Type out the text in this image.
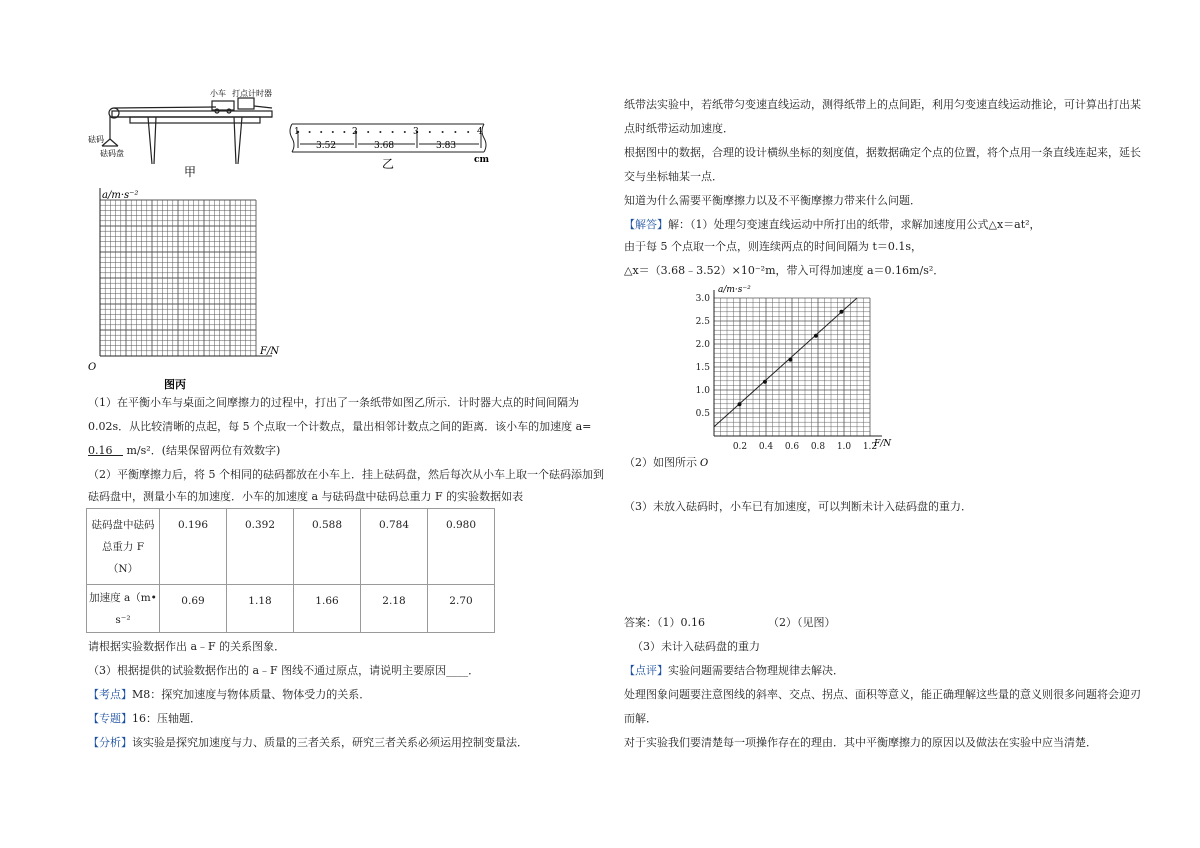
小车 打点计时器
砝码
砝码盘
甲
1	2	3	4
3.52	3.68	3.83
cm
乙
a/m·s⁻²
F/N
O
图丙
（1）在平衡小车与桌面之间摩擦力的过程中，打出了一条纸带如图乙所示．计时器大点的时间间隔为
0.02s．从比较清晰的点起，每 5 个点取一个计数点，量出相邻计数点之间的距离．该小车的加速度 a=
0.16 m/s²．(结果保留两位有效数字)
（2）平衡摩擦力后，将 5 个相同的砝码都放在小车上．挂上砝码盘，然后每次从小车上取一个砝码添加到
砝码盘中，测量小车的加速度．小车的加速度 a 与砝码盘中砝码总重力 F 的实验数据如表
砝码盘中砝码
总重力 F
（N）	0.196	0.392	0.588	0.784	0.980

加速度 a（m•
s⁻²	0.69	1.18	1.66	2.18	2.70
请根据实验数据作出 a﹣F 的关系图象．
（3）根据提供的试验数据作出的 a﹣F 图线不通过原点，请说明主要原因____．
【考点】M8：探究加速度与物体质量、物体受力的关系．
【专题】16：压轴题．
【分析】该实验是探究加速度与力、质量的三者关系，研究三者关系必须运用控制变量法．
纸带法实验中，若纸带匀变速直线运动，测得纸带上的点间距，利用匀变速直线运动推论，可计算出打出某
点时纸带运动加速度．
根据图中的数据，合理的设计横纵坐标的刻度值，据数据确定个点的位置，将个点用一条直线连起来，延长
交与坐标轴某一点．
知道为什么需要平衡摩擦力以及不平衡摩擦力带来什么问题．
【解答】解：（1）处理匀变速直线运动中所打出的纸带，求解加速度用公式△x＝at²，
由于每 5 个点取一个点，则连续两点的时间间隔为 t＝0.1s，
△x＝（3.68﹣3.52）×10⁻²m，带入可得加速度 a＝0.16m/s²．
0.5
1.0
1.5
2.0
2.5
3.0
0.2 0.4 0.6 0.8 1.0 1.2
a/m·s⁻²
F/N
O
（2）如图所示
（3）未放入砝码时，小车已有加速度，可以判断未计入砝码盘的重力．
答案：（1）0.16	（2）（见图）
（3）未计入砝码盘的重力
【点评】实验问题需要结合物理规律去解决．
处理图象问题要注意图线的斜率、交点、拐点、面积等意义，能正确理解这些量的意义则很多问题将会迎刃
而解．
对于实验我们要清楚每一项操作存在的理由．其中平衡摩擦力的原因以及做法在实验中应当清楚．
